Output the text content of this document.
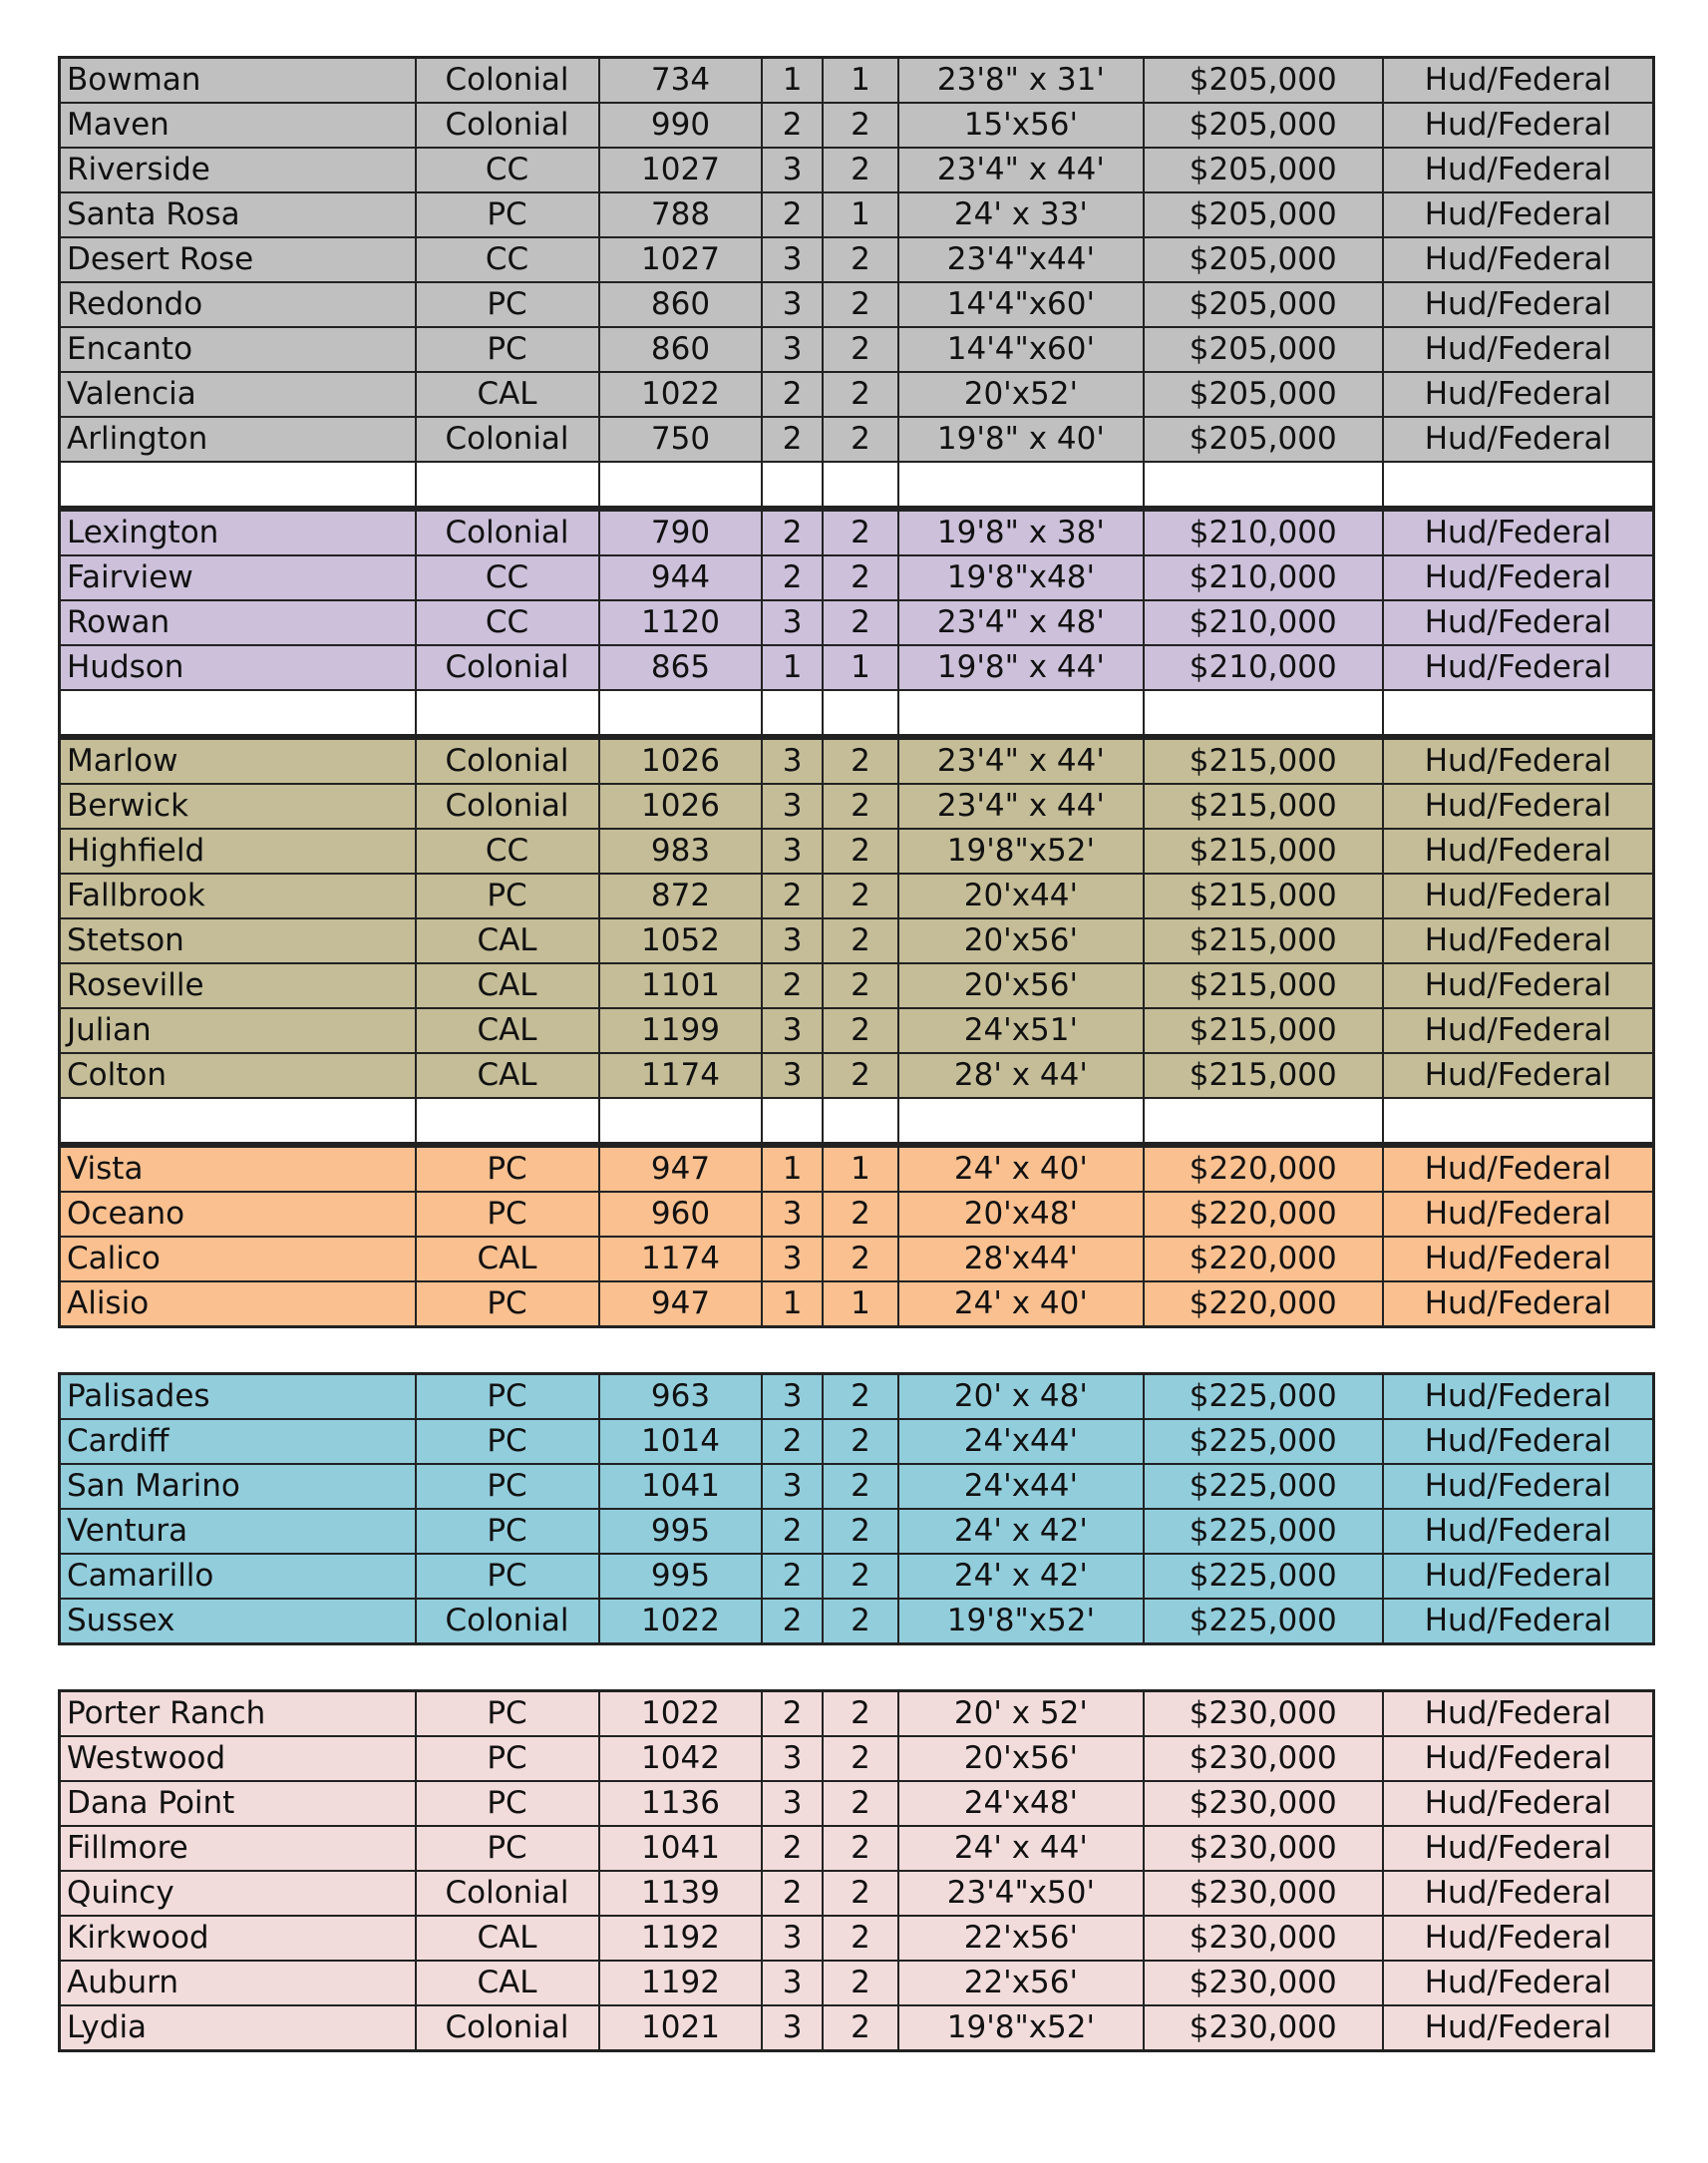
Bowman	Colonial	734	1	1	23'8" x 31'	$205,000	Hud/Federal
Maven	Colonial	990	2	2	15'x56'	$205,000	Hud/Federal
Riverside	CC	1027	3	2	23'4" x 44'	$205,000	Hud/Federal
Santa Rosa	PC	788	2	1	24' x 33'	$205,000	Hud/Federal
Desert Rose	CC	1027	3	2	23'4"x44'	$205,000	Hud/Federal
Redondo	PC	860	3	2	14'4"x60'	$205,000	Hud/Federal
Encanto	PC	860	3	2	14'4"x60'	$205,000	Hud/Federal
Valencia	CAL	1022	2	2	20'x52'	$205,000	Hud/Federal
Arlington	Colonial	750	2	2	19'8" x 40'	$205,000	Hud/Federal

Lexington	Colonial	790	2	2	19'8" x 38'	$210,000	Hud/Federal
Fairview	CC	944	2	2	19'8"x48'	$210,000	Hud/Federal
Rowan	CC	1120	3	2	23'4" x 48'	$210,000	Hud/Federal
Hudson	Colonial	865	1	1	19'8" x 44'	$210,000	Hud/Federal

Marlow	Colonial	1026	3	2	23'4" x 44'	$215,000	Hud/Federal
Berwick	Colonial	1026	3	2	23'4" x 44'	$215,000	Hud/Federal
Highfield	CC	983	3	2	19'8"x52'	$215,000	Hud/Federal
Fallbrook	PC	872	2	2	20'x44'	$215,000	Hud/Federal
Stetson	CAL	1052	3	2	20'x56'	$215,000	Hud/Federal
Roseville	CAL	1101	2	2	20'x56'	$215,000	Hud/Federal
Julian	CAL	1199	3	2	24'x51'	$215,000	Hud/Federal
Colton	CAL	1174	3	2	28' x 44'	$215,000	Hud/Federal

Vista	PC	947	1	1	24' x 40'	$220,000	Hud/Federal
Oceano	PC	960	3	2	20'x48'	$220,000	Hud/Federal
Calico	CAL	1174	3	2	28'x44'	$220,000	Hud/Federal
Alisio	PC	947	1	1	24' x 40'	$220,000	Hud/Federal
Palisades	PC	963	3	2	20' x 48'	$225,000	Hud/Federal
Cardiff	PC	1014	2	2	24'x44'	$225,000	Hud/Federal
San Marino	PC	1041	3	2	24'x44'	$225,000	Hud/Federal
Ventura	PC	995	2	2	24' x 42'	$225,000	Hud/Federal
Camarillo	PC	995	2	2	24' x 42'	$225,000	Hud/Federal
Sussex	Colonial	1022	2	2	19'8"x52'	$225,000	Hud/Federal
Porter Ranch	PC	1022	2	2	20' x 52'	$230,000	Hud/Federal
Westwood	PC	1042	3	2	20'x56'	$230,000	Hud/Federal
Dana Point	PC	1136	3	2	24'x48'	$230,000	Hud/Federal
Fillmore	PC	1041	2	2	24' x 44'	$230,000	Hud/Federal
Quincy	Colonial	1139	2	2	23'4"x50'	$230,000	Hud/Federal
Kirkwood	CAL	1192	3	2	22'x56'	$230,000	Hud/Federal
Auburn	CAL	1192	3	2	22'x56'	$230,000	Hud/Federal
Lydia	Colonial	1021	3	2	19'8"x52'	$230,000	Hud/Federal
